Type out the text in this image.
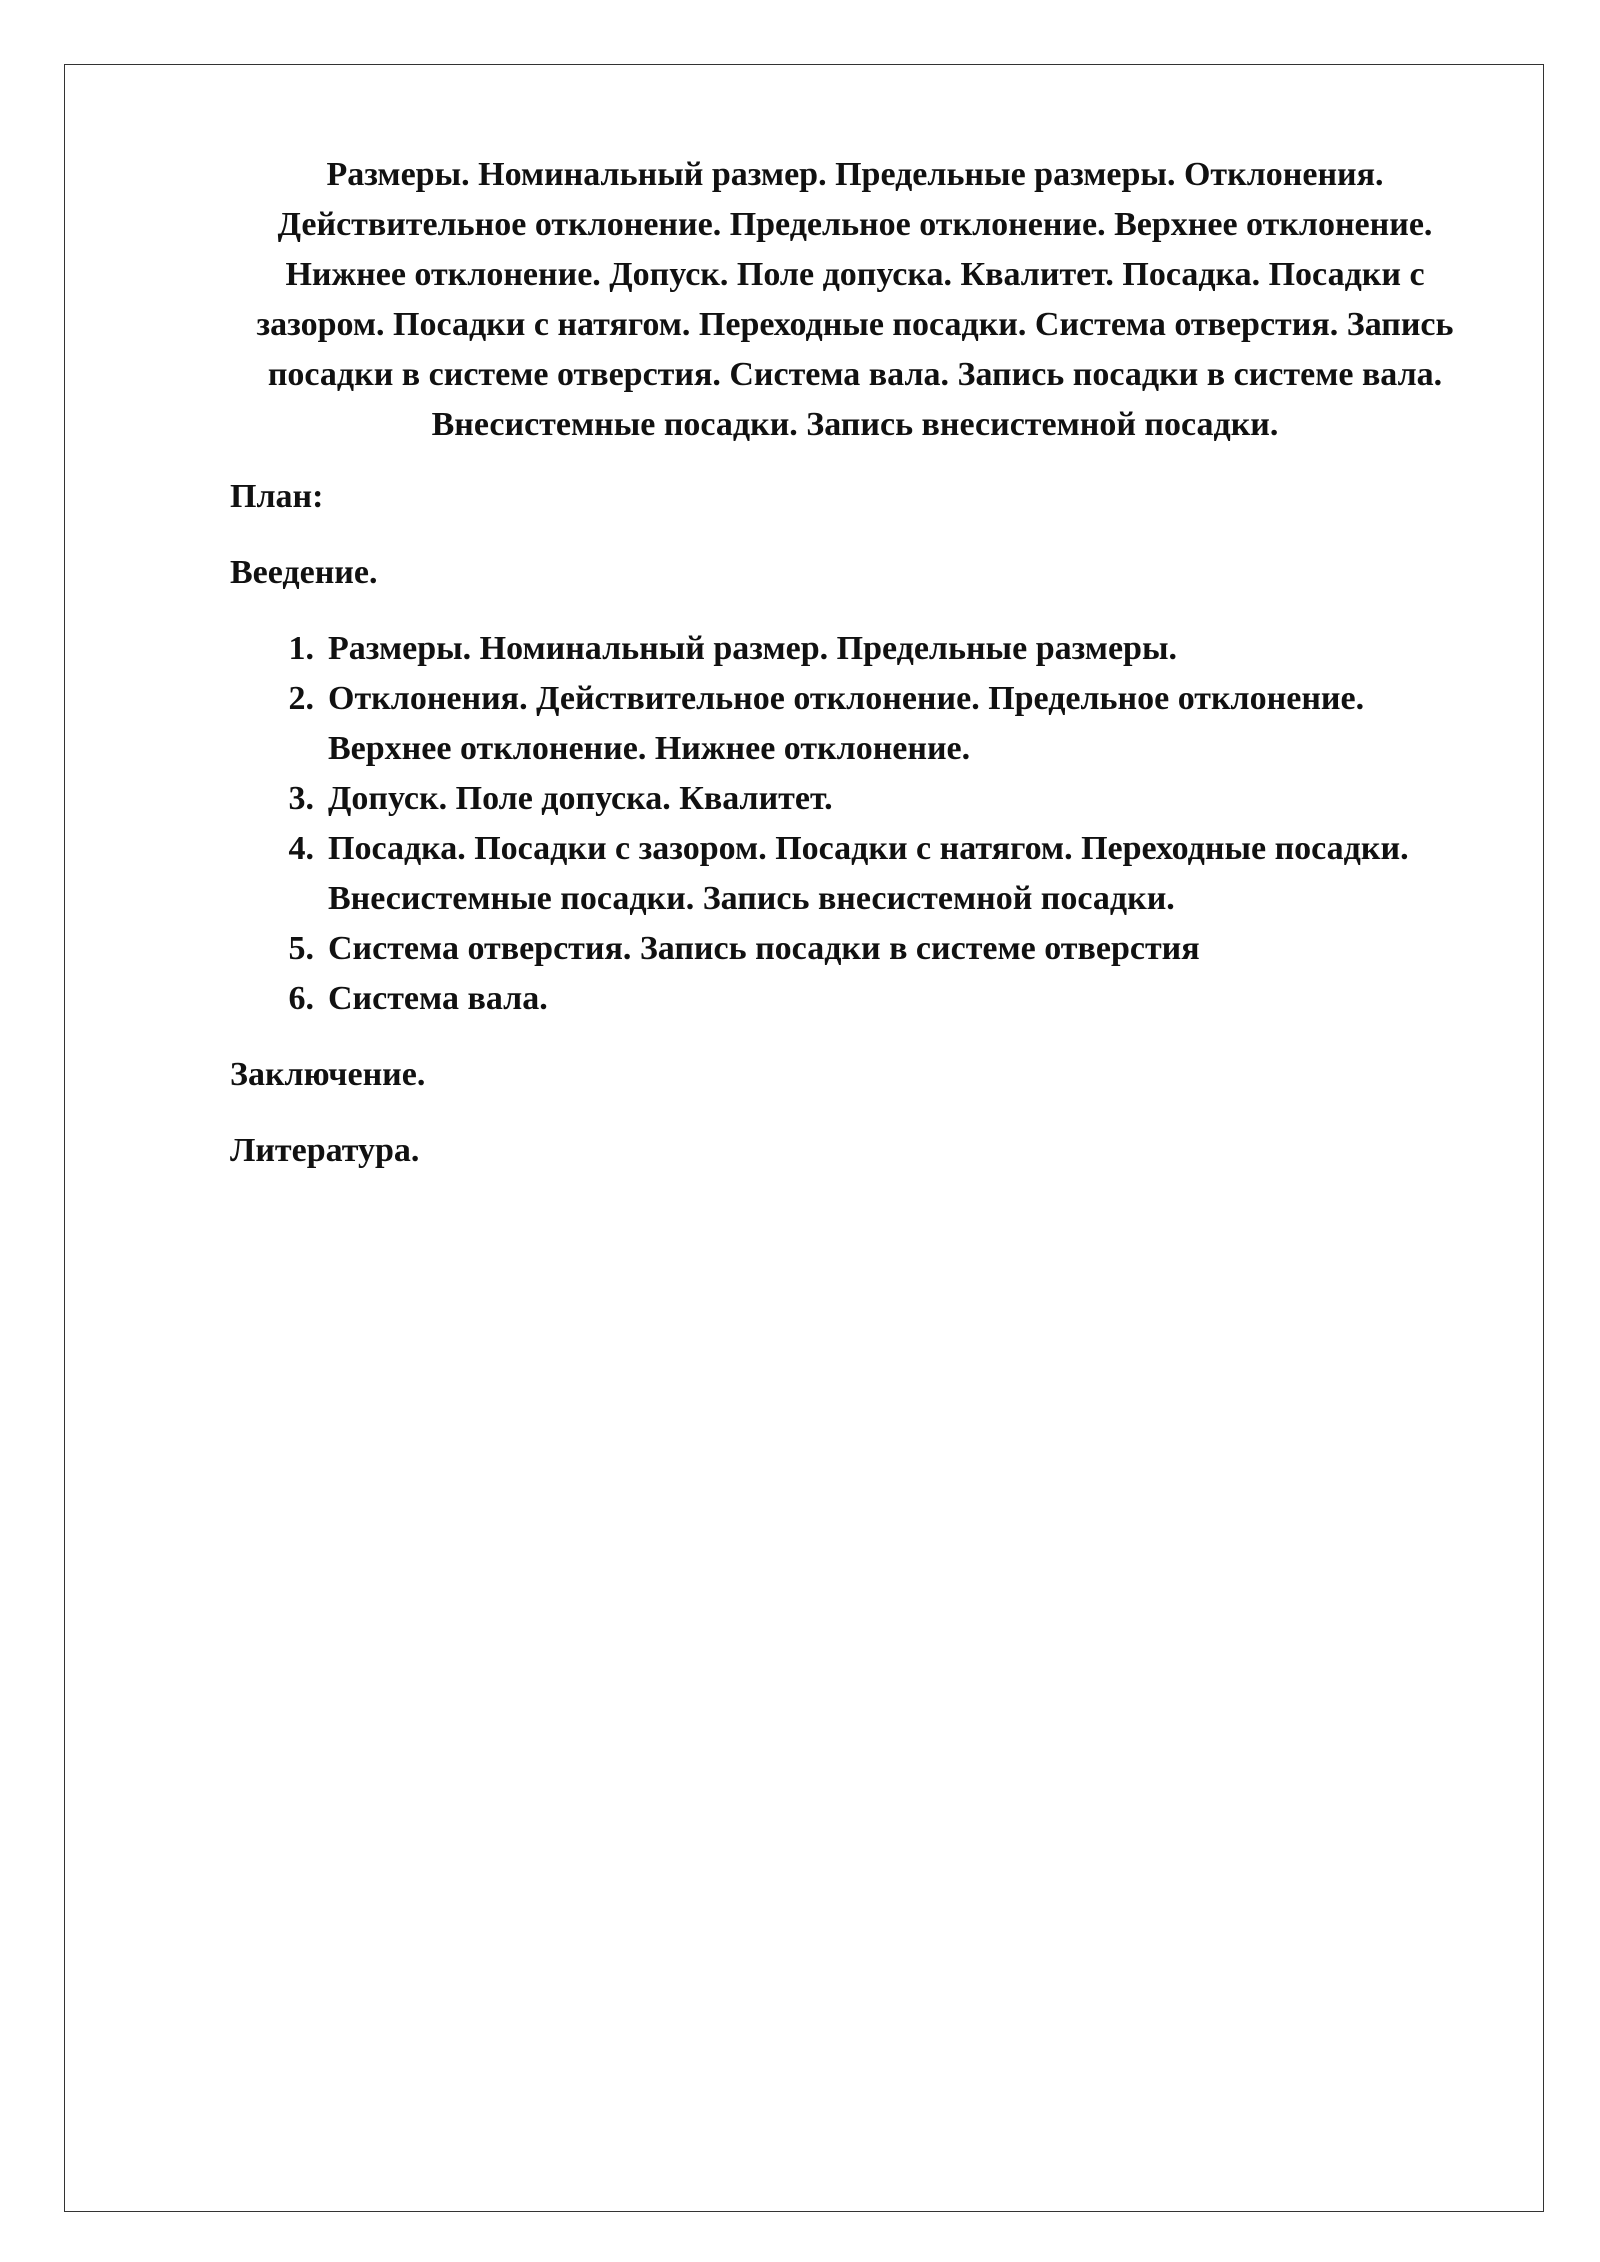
Размеры. Номинальный размер. Предельные размеры. Отклонения. Действительное отклонение. Предельное отклонение. Верхнее отклонение. Нижнее отклонение. Допуск. Поле допуска. Квалитет. Посадка. Посадки с зазором. Посадки с натягом. Переходные посадки. Система отверстия. Запись посадки в системе отверстия. Система вала. Запись посадки в системе вала. Внесистемные посадки. Запись внесистемной посадки.

План:

Веедение.

1. Размеры. Номинальный размер. Предельные размеры.
2. Отклонения. Действительное отклонение. Предельное отклонение. Верхнее отклонение. Нижнее отклонение.
3. Допуск. Поле допуска. Квалитет.
4. Посадка. Посадки с зазором. Посадки с натягом. Переходные посадки. Внесистемные посадки. Запись внесистемной посадки.
5. Система отверстия. Запись посадки в системе отверстия
6. Система вала.

Заключение.

Литература.
